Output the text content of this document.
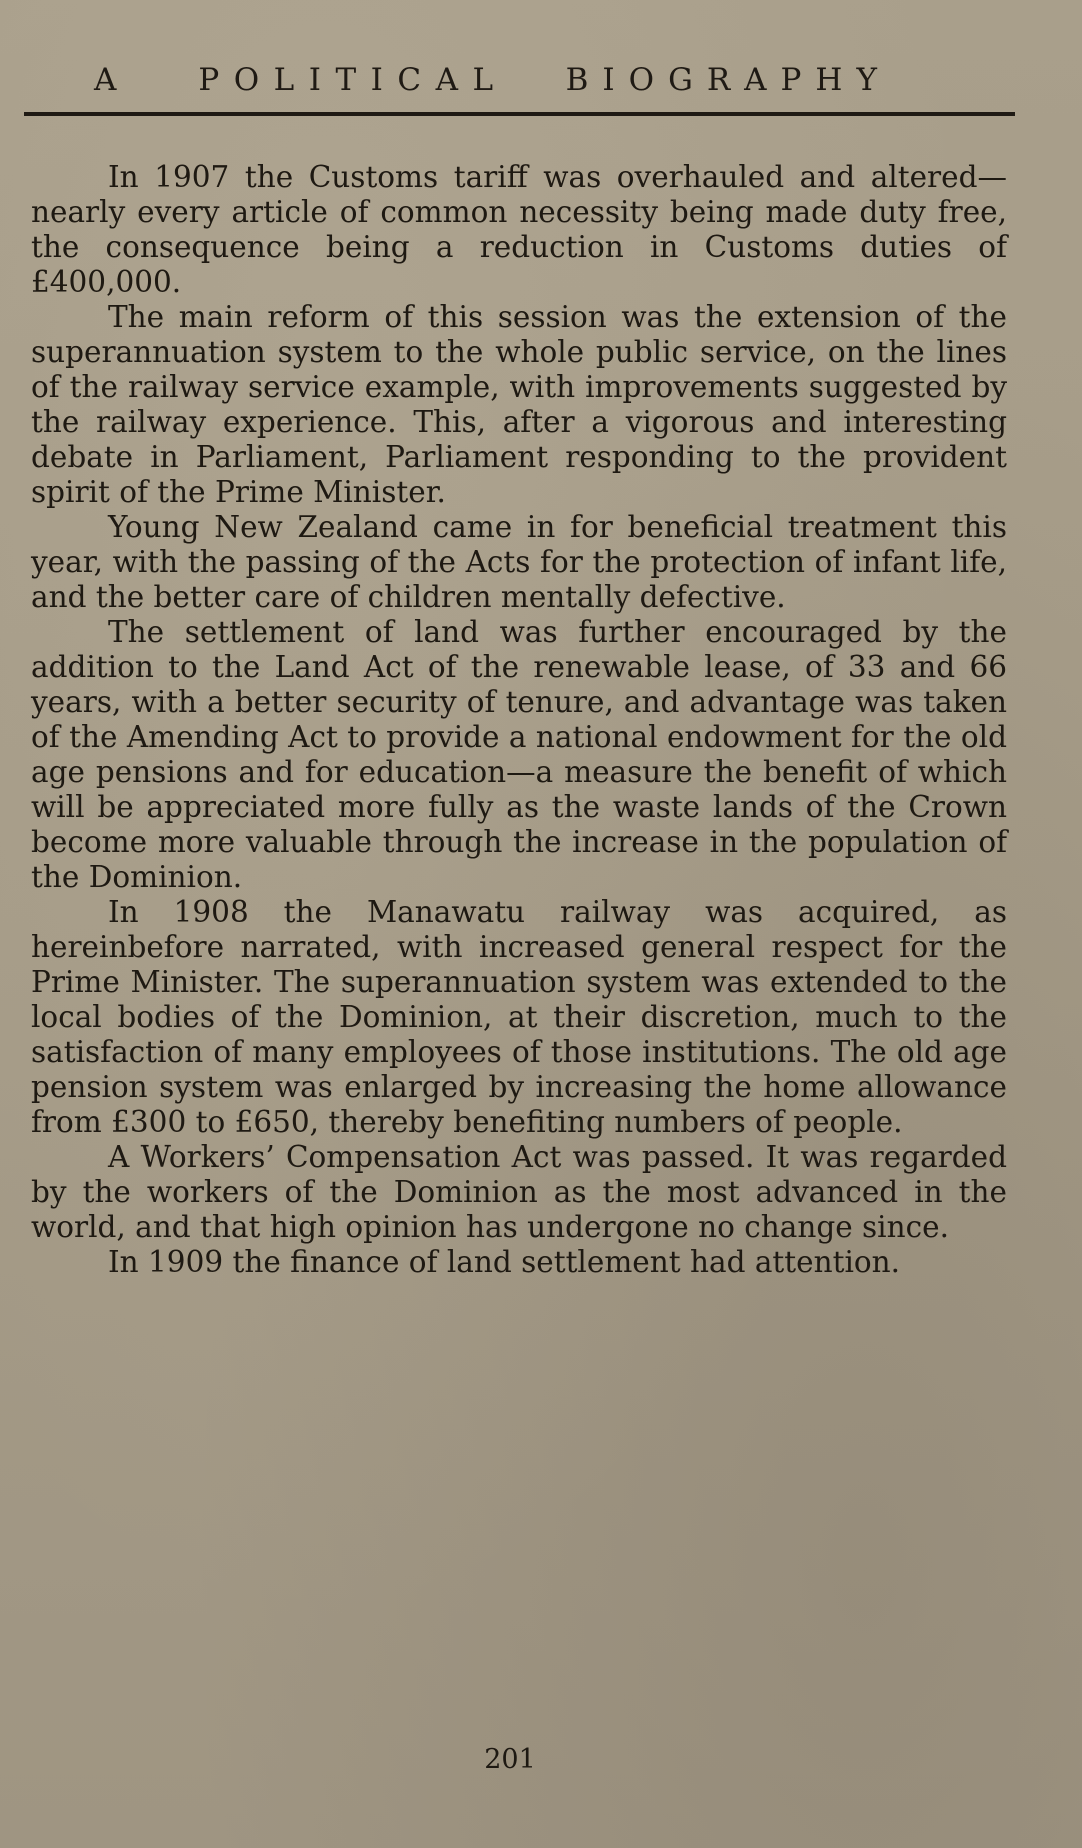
A	POLITICAL BIOGRAPHY

In 1907 the Customs tariff was overhauled and altered—nearly every article of common necessity being made duty free, the consequence being a reduction in Customs duties of £400,000.

The main reform of this session was the extension of the superannuation system to the whole public service, on the lines of the railway service example, with improvements suggested by the railway experience. This, after a vigorous and interesting debate in Parliament, Parliament responding to the provident spirit of the Prime Minister.

Young New Zealand came in for beneficial treatment this year, with the passing of the Acts for the protection of infant life, and the better care of children mentally defective.

The settlement of land was further encouraged by the addition to the Land Act of the renewable lease, of 33 and 66 years, with a better security of tenure, and advantage was taken of the Amending Act to provide a national endowment for the old age pensions and for education—a measure the benefit of which will be appreciated more fully as the waste lands of the Crown become more valuable through the increase in the population of the Dominion.

In 1908 the Manawatu railway was acquired, as hereinbefore narrated, with increased general respect for the Prime Minister. The superannuation system was extended to the local bodies of the Dominion, at their discretion, much to the satisfaction of many employees of those institutions. The old age pension system was enlarged by increasing the home allowance from £300 to £650, thereby benefiting numbers of people.

A Workers’ Compensation Act was passed. It was regarded by the workers of the Dominion as the most advanced in the world, and that high opinion has undergone no change since.

In 1909 the finance of land settlement had attention.

201
